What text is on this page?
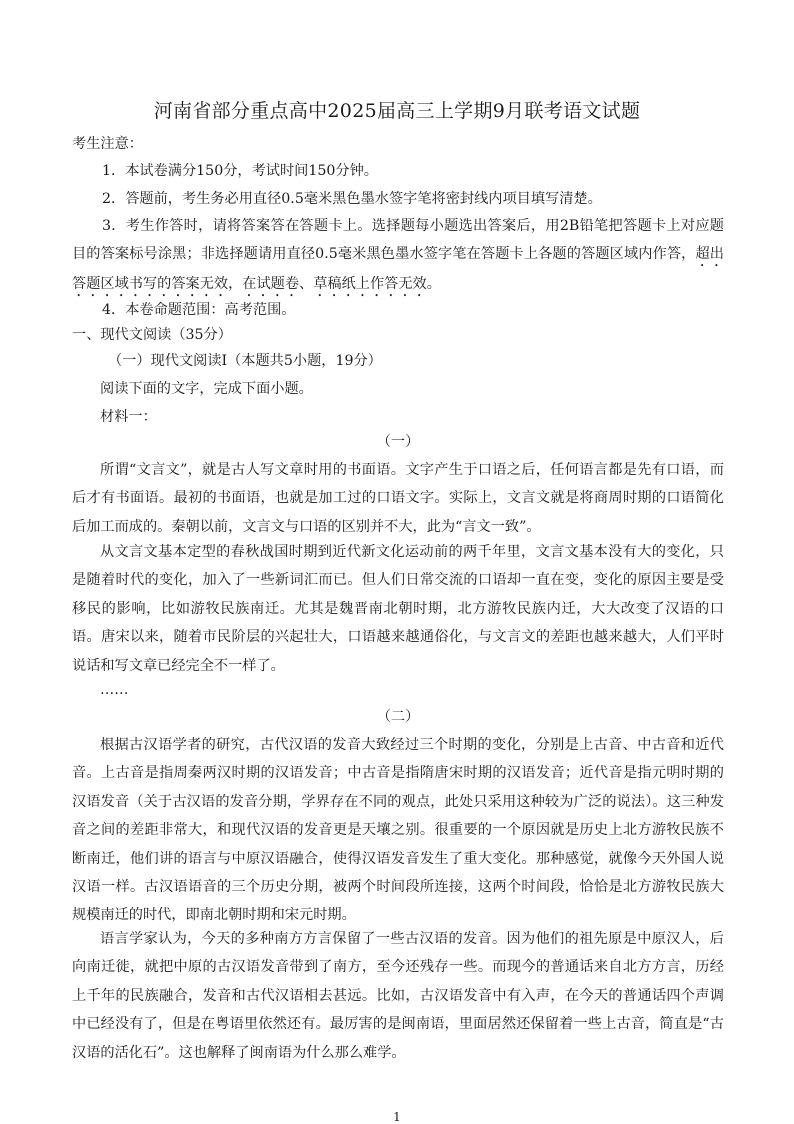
河南省部分重点高中2025届高三上学期9月联考语文试题

考生注意：

1．本试卷满分150分，考试时间150分钟。

2．答题前，考生务必用直径0.5毫米黑色墨水签字笔将密封线内项目填写清楚。

3．考生作答时，请将答案答在答题卡上。选择题每小题选出答案后，用2B铅笔把答题卡上对应题目的答案标号涂黑；非选择题请用直径0.5毫米黑色墨水签字笔在答题卡上各题的答题区域内作答，超出答题区域书写的答案无效，在试题卷、草稿纸上作答无效。

4．本卷命题范围：高考范围。

一、现代文阅读（35分）

（一）现代文阅读Ⅰ（本题共5小题，19分）

阅读下面的文字，完成下面小题。

材料一：

（一）

所谓“文言文”，就是古人写文章时用的书面语。文字产生于口语之后，任何语言都是先有口语，而后才有书面语。最初的书面语，也就是加工过的口语文字。实际上，文言文就是将商周时期的口语简化后加工而成的。秦朝以前，文言文与口语的区别并不大，此为“言文一致”。

从文言文基本定型的春秋战国时期到近代新文化运动前的两千年里，文言文基本没有大的变化，只是随着时代的变化，加入了一些新词汇而已。但人们日常交流的口语却一直在变，变化的原因主要是受移民的影响，比如游牧民族南迁。尤其是魏晋南北朝时期，北方游牧民族内迁，大大改变了汉语的口语。唐宋以来，随着市民阶层的兴起壮大，口语越来越通俗化，与文言文的差距也越来越大，人们平时说话和写文章已经完全不一样了。

……

（二）

根据古汉语学者的研究，古代汉语的发音大致经过三个时期的变化，分别是上古音、中古音和近代音。上古音是指周秦两汉时期的汉语发音；中古音是指隋唐宋时期的汉语发音；近代音是指元明时期的汉语发音（关于古汉语的发音分期，学界存在不同的观点，此处只采用这种较为广泛的说法）。这三种发音之间的差距非常大，和现代汉语的发音更是天壤之别。很重要的一个原因就是历史上北方游牧民族不断南迁，他们讲的语言与中原汉语融合，使得汉语发音发生了重大变化。那种感觉，就像今天外国人说汉语一样。古汉语语音的三个历史分期，被两个时间段所连接，这两个时间段，恰恰是北方游牧民族大规模南迁的时代，即南北朝时期和宋元时期。

语言学家认为，今天的多种南方方言保留了一些古汉语的发音。因为他们的祖先原是中原汉人，后向南迁徙，就把中原的古汉语发音带到了南方，至今还残存一些。而现今的普通话来自北方方言，历经上千年的民族融合，发音和古代汉语相去甚远。比如，古汉语发音中有入声，在今天的普通话四个声调中已经没有了，但是在粤语里依然还有。最厉害的是闽南语，里面居然还保留着一些上古音，简直是“古汉语的活化石”。这也解释了闽南语为什么那么难学。

1
